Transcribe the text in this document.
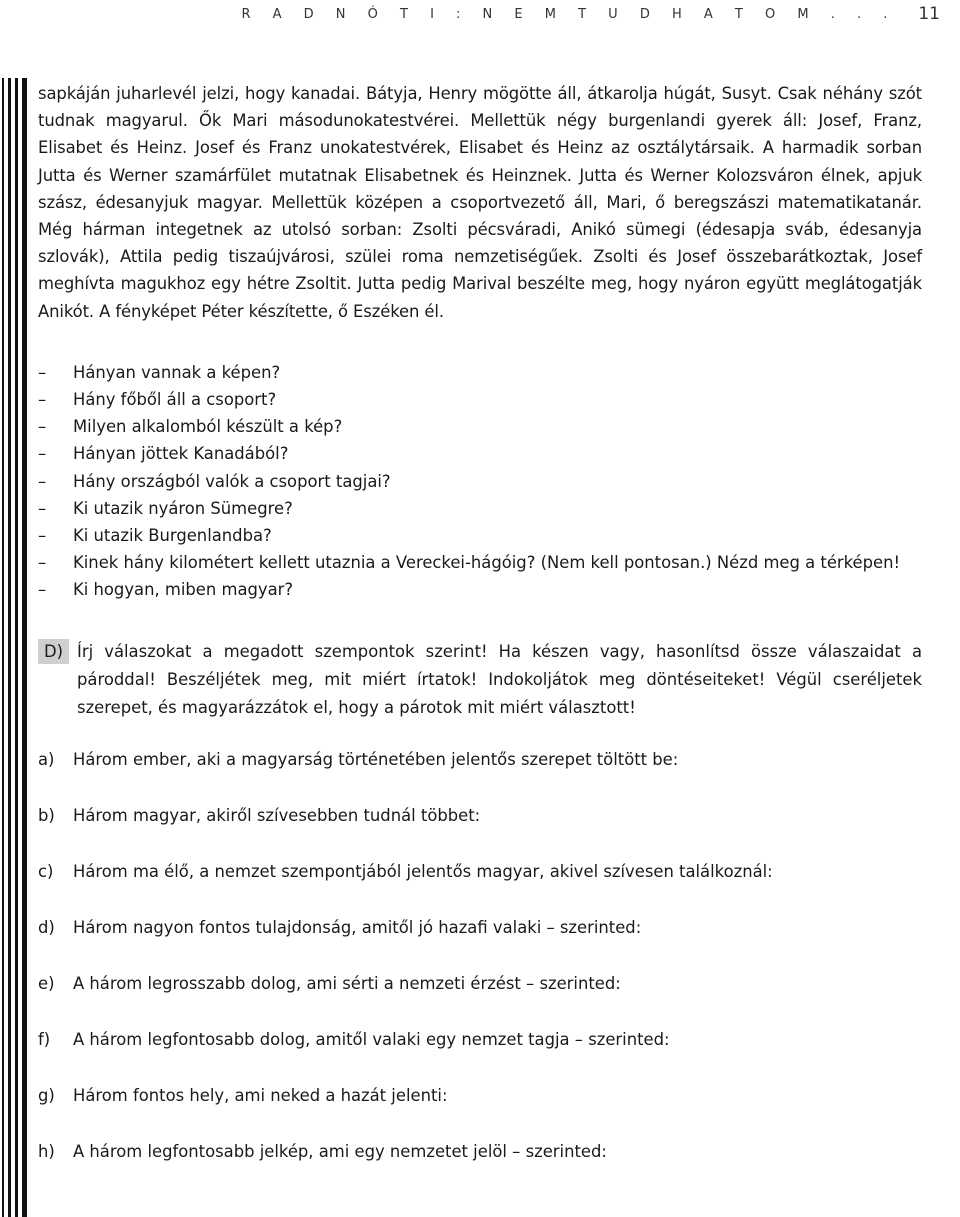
R A D N Ó T I : N E M T U D H A T O M . . . 11

sapkáján juharlevél jelzi, hogy kanadai. Bátyja, Henry mögötte áll, átkarolja húgát, Susyt. Csak néhány szót tudnak magyarul. Ők Mari másodunokatestvérei. Mellettük négy burgenlandi gyerek áll: Josef, Franz, Elisabet és Heinz. Josef és Franz unokatestvérek, Elisabet és Heinz az osztálytársaik. A harmadik sorban Jutta és Werner szamárfület mutatnak Elisabetnek és Heinznek. Jutta és Werner Kolozsváron élnek, apjuk szász, édesanyjuk magyar. Mellettük középen a csoportvezető áll, Mari, ő beregszászi matematikatanár. Még hárman integetnek az utolsó sorban: Zsolti pécsváradi, Anikó sümegi (édesapja sváb, édesanyja szlovák), Attila pedig tiszaújvárosi, szülei roma nemzetiségűek. Zsolti és Josef összebarátkoztak, Josef meghívta magukhoz egy hétre Zsoltit. Jutta pedig Marival beszélte meg, hogy nyáron együtt meglátogatják Anikót. A fényképet Péter készítette, ő Eszéken él.

–	Hányan vannak a képen?
–	Hány főből áll a csoport?
–	Milyen alkalomból készült a kép?
–	Hányan jöttek Kanadából?
–	Hány országból valók a csoport tagjai?
–	Ki utazik nyáron Sümegre?
–	Ki utazik Burgenlandba?
–	Kinek hány kilométert kellett utaznia a Vereckei-hágóig? (Nem kell pontosan.) Nézd meg a térképen!
–	Ki hogyan, miben magyar?
D) Írj válaszokat a megadott szempontok szerint! Ha készen vagy, hasonlítsd össze válaszaidat a pároddal! Beszéljétek meg, mit miért írtatok! Indokoljátok meg döntéseiteket! Végül cseréljetek szerepet, és magyarázzátok el, hogy a párotok mit miért választott!

a)	Három ember, aki a magyarság történetében jelentős szerepet töltött be:
b)	Három magyar, akiről szívesebben tudnál többet:
c)	Három ma élő, a nemzet szempontjából jelentős magyar, akivel szívesen találkoznál:
d)	Három nagyon fontos tulajdonság, amitől jó hazafi valaki – szerinted:
e)	A három legrosszabb dolog, ami sérti a nemzeti érzést – szerinted:
f)	A három legfontosabb dolog, amitől valaki egy nemzet tagja – szerinted:
g)	Három fontos hely, ami neked a hazát jelenti:
h)	A három legfontosabb jelkép, ami egy nemzetet jelöl – szerinted:
